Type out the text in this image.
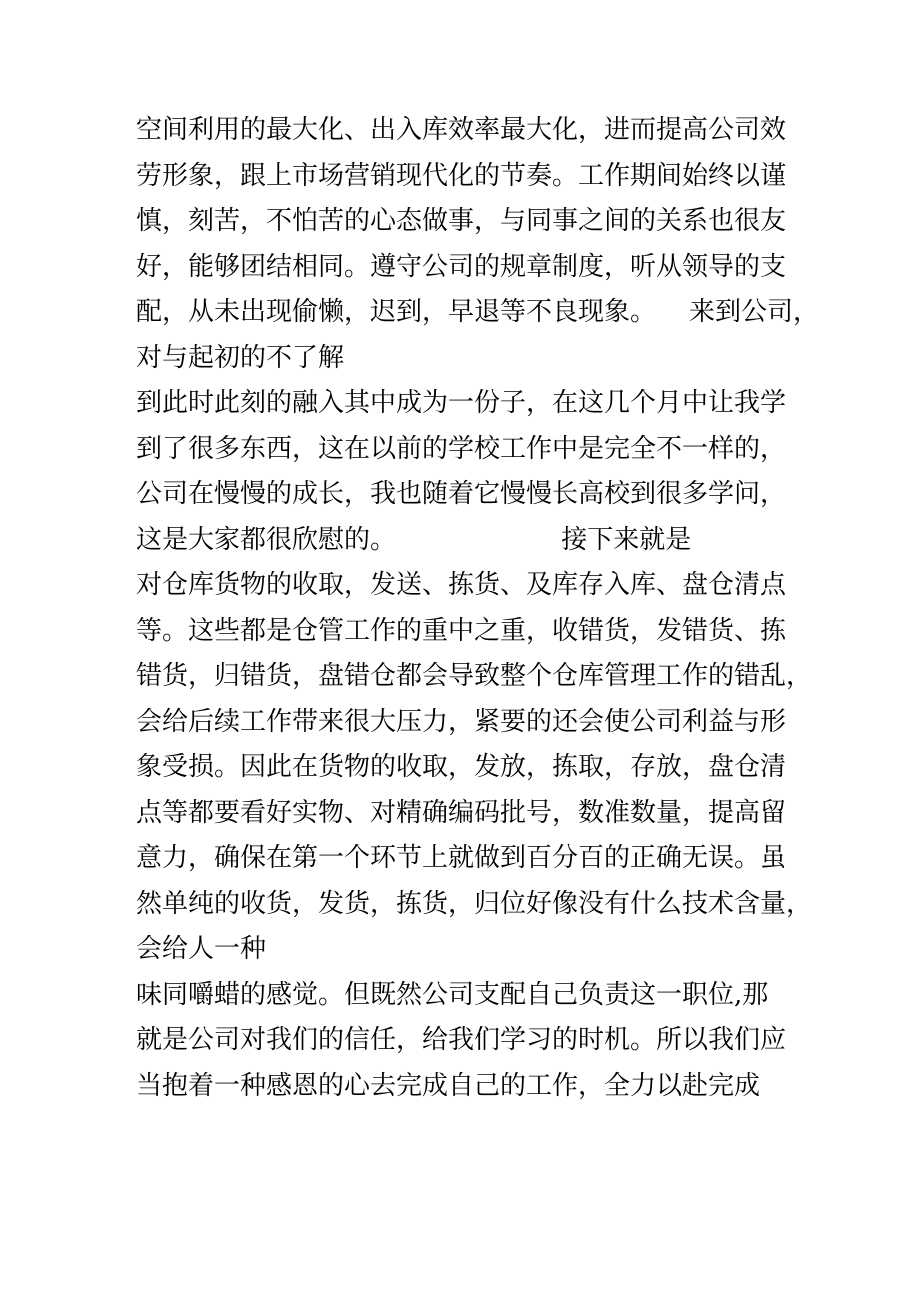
空间利用的最大化、出入库效率最大化，进而提高公司效
劳形象，跟上市场营销现代化的节奏。工作期间始终以谨
慎，刻苦，不怕苦的心态做事，与同事之间的关系也很友
好，能够团结相同。遵守公司的规章制度，听从领导的支
配，从未出现偷懒，迟到，早退等不良现象。    来到公司，
对与起初的不了解
到此时此刻的融入其中成为一份子，在这几个月中让我学
到了很多东西，这在以前的学校工作中是完全不一样的，
公司在慢慢的成长，我也随着它慢慢长高校到很多学问，
这是大家都很欣慰的。                    接下来就是
对仓库货物的收取，发送、拣货、及库存入库、盘仓清点
等。这些都是仓管工作的重中之重，收错货，发错货、拣
错货，归错货，盘错仓都会导致整个仓库管理工作的错乱，
会给后续工作带来很大压力，紧要的还会使公司利益与形
象受损。因此在货物的收取，发放，拣取，存放，盘仓清
点等都要看好实物、对精确编码批号，数准数量，提高留
意力，确保在第一个环节上就做到百分百的正确无误。虽
然单纯的收货，发货，拣货，归位好像没有什么技术含量，
会给人一种
味同嚼蜡的感觉。但既然公司支配自己负责这一职位,那
就是公司对我们的信任，给我们学习的时机。所以我们应
当抱着一种感恩的心去完成自己的工作，全力以赴完成
